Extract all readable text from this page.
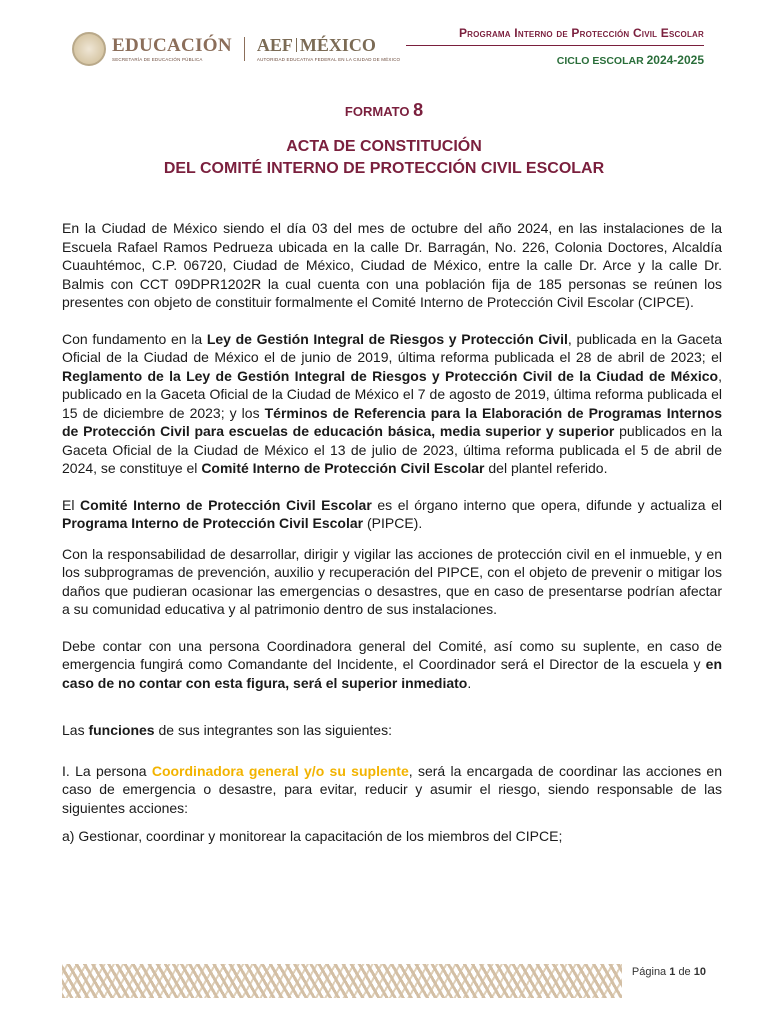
EDUCACIÓN
SECRETARÍA DE EDUCACIÓN PÚBLICA
AEF MÉXICO
AUTORIDAD EDUCATIVA FEDERAL EN LA CIUDAD DE MÉXICO
Programa Interno de Protección Civil Escolar
CICLO ESCOLAR 2024-2025
FORMATO 8
ACTA DE CONSTITUCIÓN
DEL COMITÉ INTERNO DE PROTECCIÓN CIVIL ESCOLAR

En la Ciudad de México siendo el día 03 del mes de octubre del año 2024, en las instalaciones de la Escuela Rafael Ramos Pedrueza ubicada en la calle Dr. Barragán, No. 226, Colonia Doctores, Alcaldía Cuauhtémoc, C.P. 06720, Ciudad de México, Ciudad de México, entre la calle Dr. Arce y la calle Dr. Balmis con CCT 09DPR1202R la cual cuenta con una población fija de 185 personas se reúnen los presentes con objeto de constituir formalmente el Comité Interno de Protección Civil Escolar (CIPCE).

Con fundamento en la Ley de Gestión Integral de Riesgos y Protección Civil, publicada en la Gaceta Oficial de la Ciudad de México el de junio de 2019, última reforma publicada el 28 de abril de 2023; el Reglamento de la Ley de Gestión Integral de Riesgos y Protección Civil de la Ciudad de México, publicado en la Gaceta Oficial de la Ciudad de México el 7 de agosto de 2019, última reforma publicada el 15 de diciembre de 2023; y los Términos de Referencia para la Elaboración de Programas Internos de Protección Civil para escuelas de educación básica, media superior y superior publicados en la Gaceta Oficial de la Ciudad de México el 13 de julio de 2023, última reforma publicada el 5 de abril de 2024, se constituye el Comité Interno de Protección Civil Escolar del plantel referido.

El Comité Interno de Protección Civil Escolar es el órgano interno que opera, difunde y actualiza el Programa Interno de Protección Civil Escolar (PIPCE).

Con la responsabilidad de desarrollar, dirigir y vigilar las acciones de protección civil en el inmueble, y en los subprogramas de prevención, auxilio y recuperación del PIPCE, con el objeto de prevenir o mitigar los daños que pudieran ocasionar las emergencias o desastres, que en caso de presentarse podrían afectar a su comunidad educativa y al patrimonio dentro de sus instalaciones.

Debe contar con una persona Coordinadora general del Comité, así como su suplente, en caso de emergencia fungirá como Comandante del Incidente, el Coordinador será el Director de la escuela y en caso de no contar con esta figura, será el superior inmediato.

Las funciones de sus integrantes son las siguientes:

I. La persona Coordinadora general y/o su suplente, será la encargada de coordinar las acciones en caso de emergencia o desastre, para evitar, reducir y asumir el riesgo, siendo responsable de las siguientes acciones:

a) Gestionar, coordinar y monitorear la capacitación de los miembros del CIPCE;

Página 1 de 10
